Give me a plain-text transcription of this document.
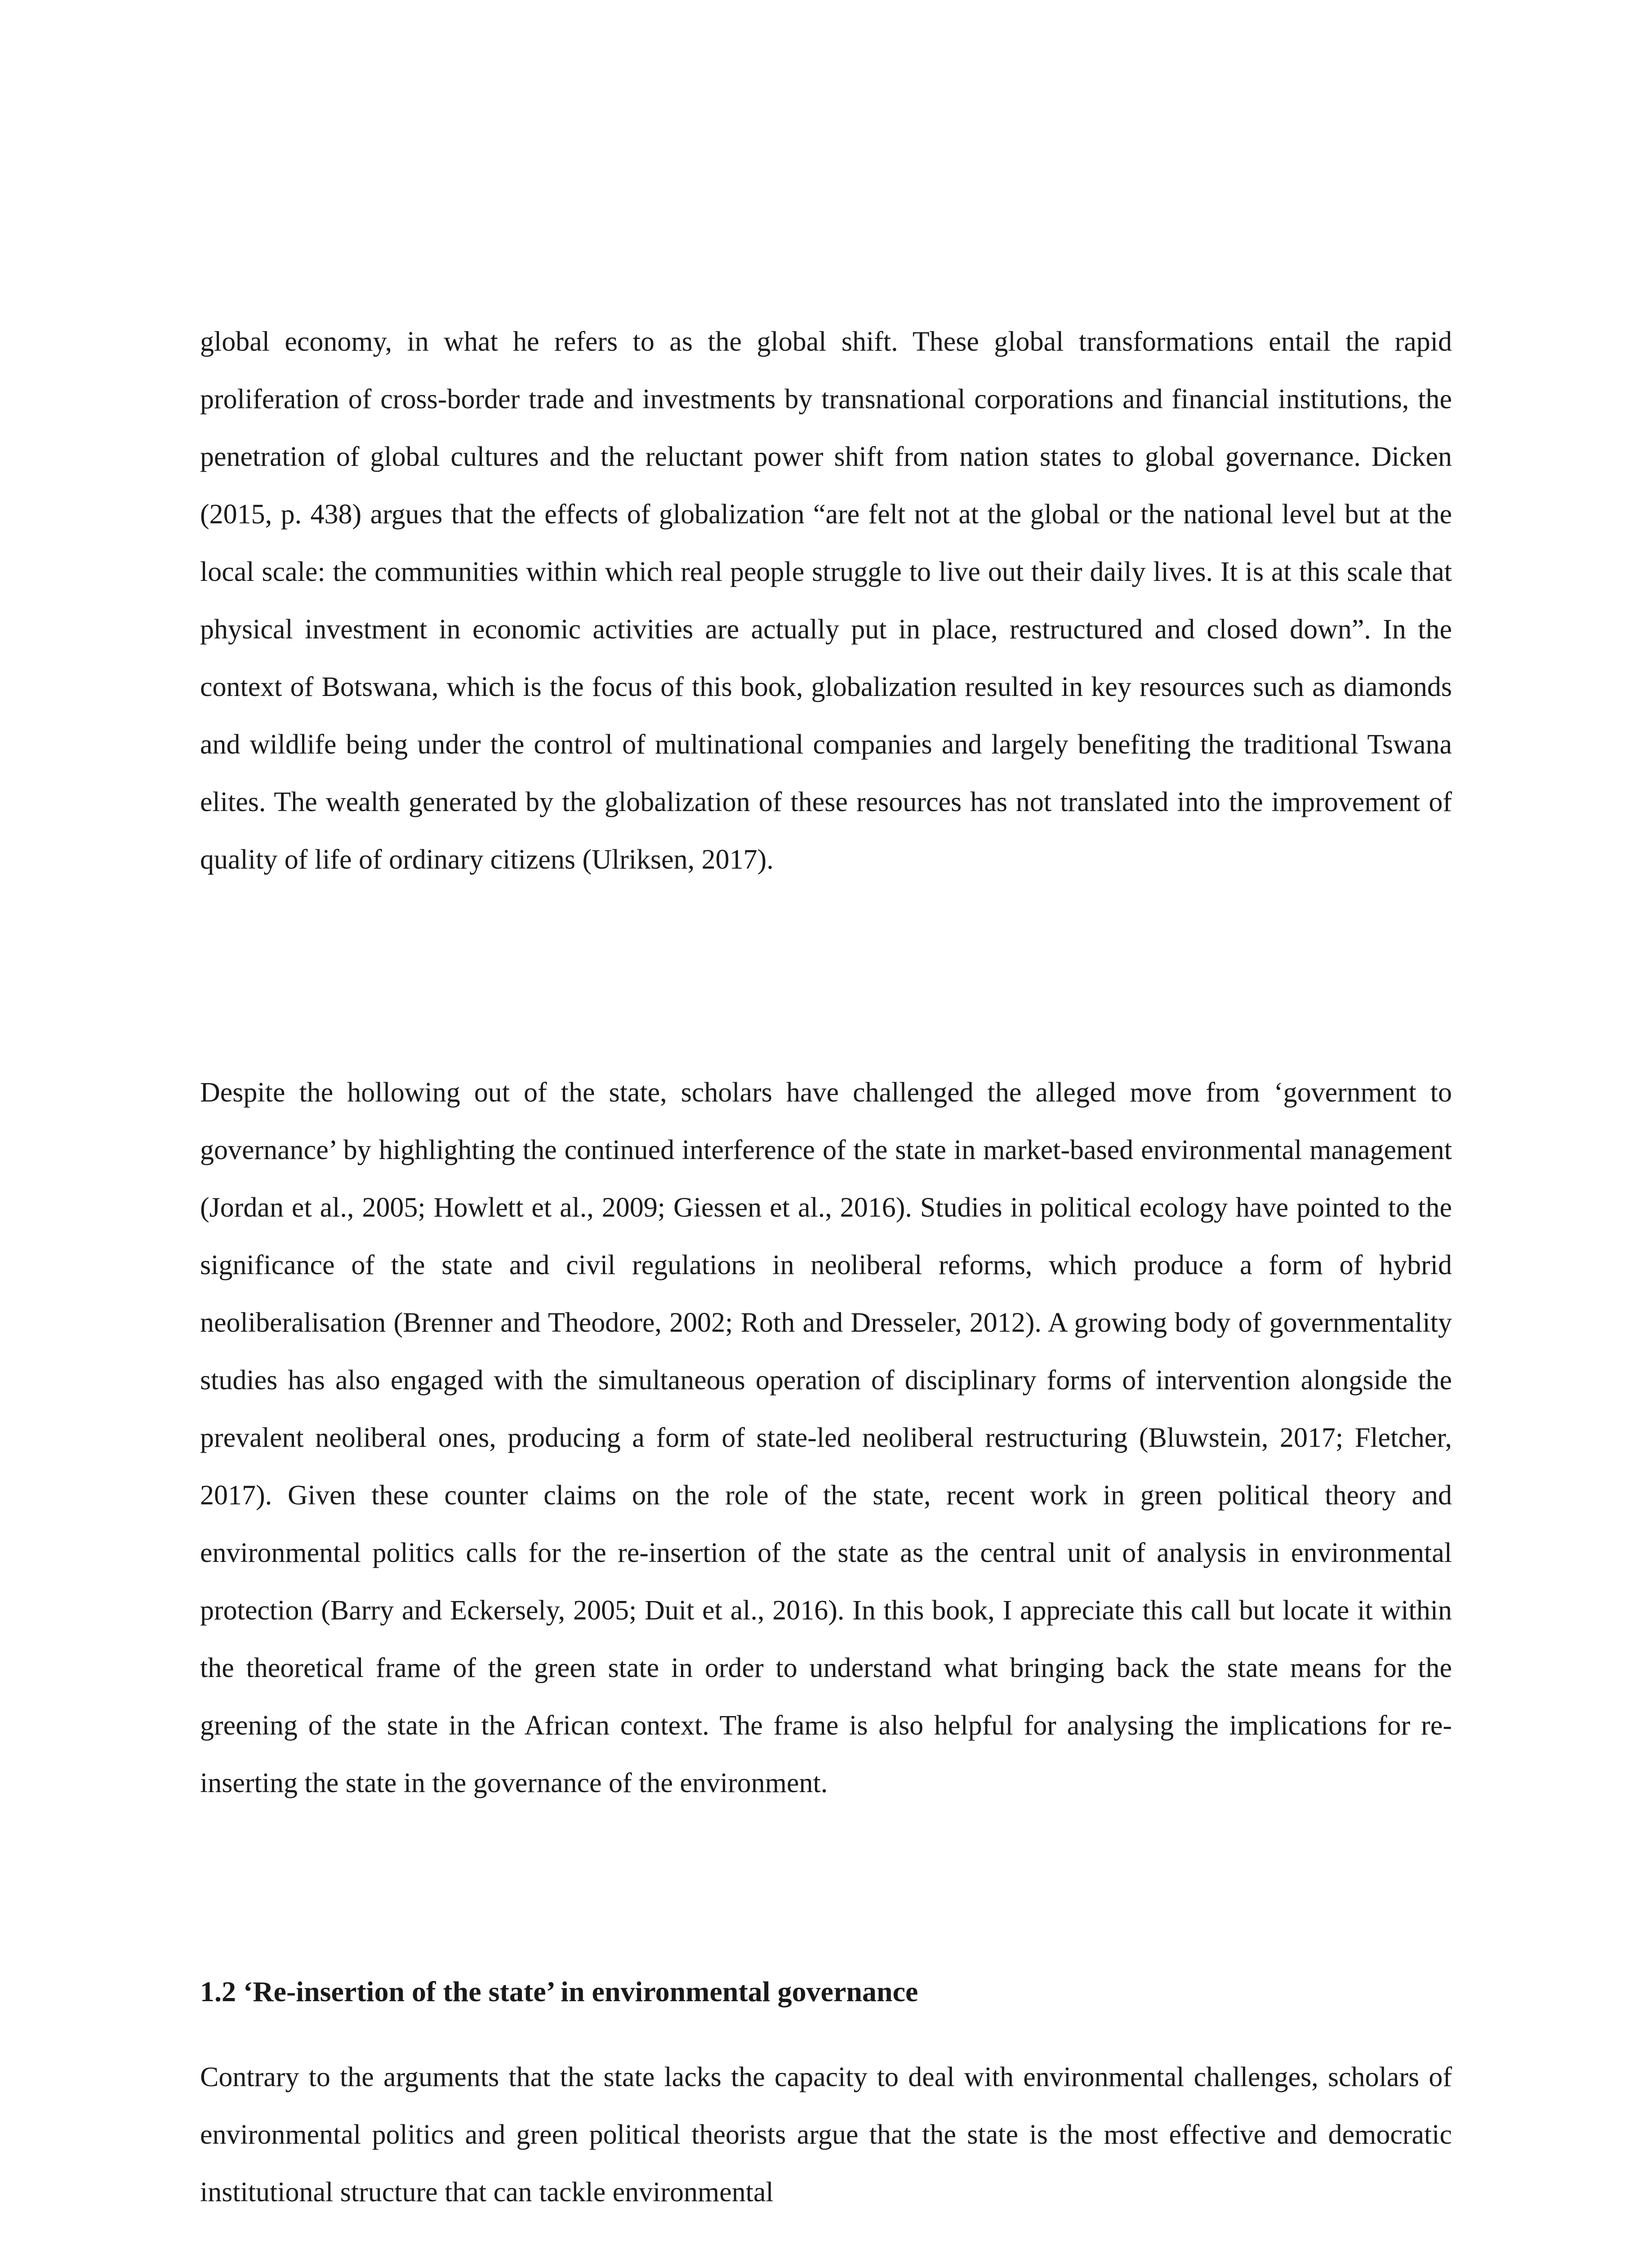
global economy, in what he refers to as the global shift. These global transformations entail the rapid proliferation of cross-border trade and investments by transnational corporations and financial institutions, the penetration of global cultures and the reluctant power shift from nation states to global governance. Dicken (2015, p. 438) argues that the effects of globalization “are felt not at the global or the national level but at the local scale: the communities within which real people struggle to live out their daily lives. It is at this scale that physical investment in economic activities are actually put in place, restructured and closed down”. In the context of Botswana, which is the focus of this book, globalization resulted in key resources such as diamonds and wildlife being under the control of multinational companies and largely benefiting the traditional Tswana elites. The wealth generated by the globalization of these resources has not translated into the improvement of quality of life of ordinary citizens (Ulriksen, 2017).

Despite the hollowing out of the state, scholars have challenged the alleged move from ‘government to governance’ by highlighting the continued interference of the state in market-based environmental management (Jordan et al., 2005; Howlett et al., 2009; Giessen et al., 2016). Studies in political ecology have pointed to the significance of the state and civil regulations in neoliberal reforms, which produce a form of hybrid neoliberalisation (Brenner and Theodore, 2002; Roth and Dresseler, 2012). A growing body of governmentality studies has also engaged with the simultaneous operation of disciplinary forms of intervention alongside the prevalent neoliberal ones, producing a form of state-led neoliberal restructuring (Bluwstein, 2017; Fletcher, 2017). Given these counter claims on the role of the state, recent work in green political theory and environmental politics calls for the re-insertion of the state as the central unit of analysis in environmental protection (Barry and Eckersely, 2005; Duit et al., 2016). In this book, I appreciate this call but locate it within the theoretical frame of the green state in order to understand what bringing back the state means for the greening of the state in the African context. The frame is also helpful for analysing the implications for re-inserting the state in the governance of the environment.

1.2 ‘Re-insertion of the state’ in environmental governance

Contrary to the arguments that the state lacks the capacity to deal with environmental challenges, scholars of environmental politics and green political theorists argue that the state is the most effective and democratic institutional structure that can tackle environmental
